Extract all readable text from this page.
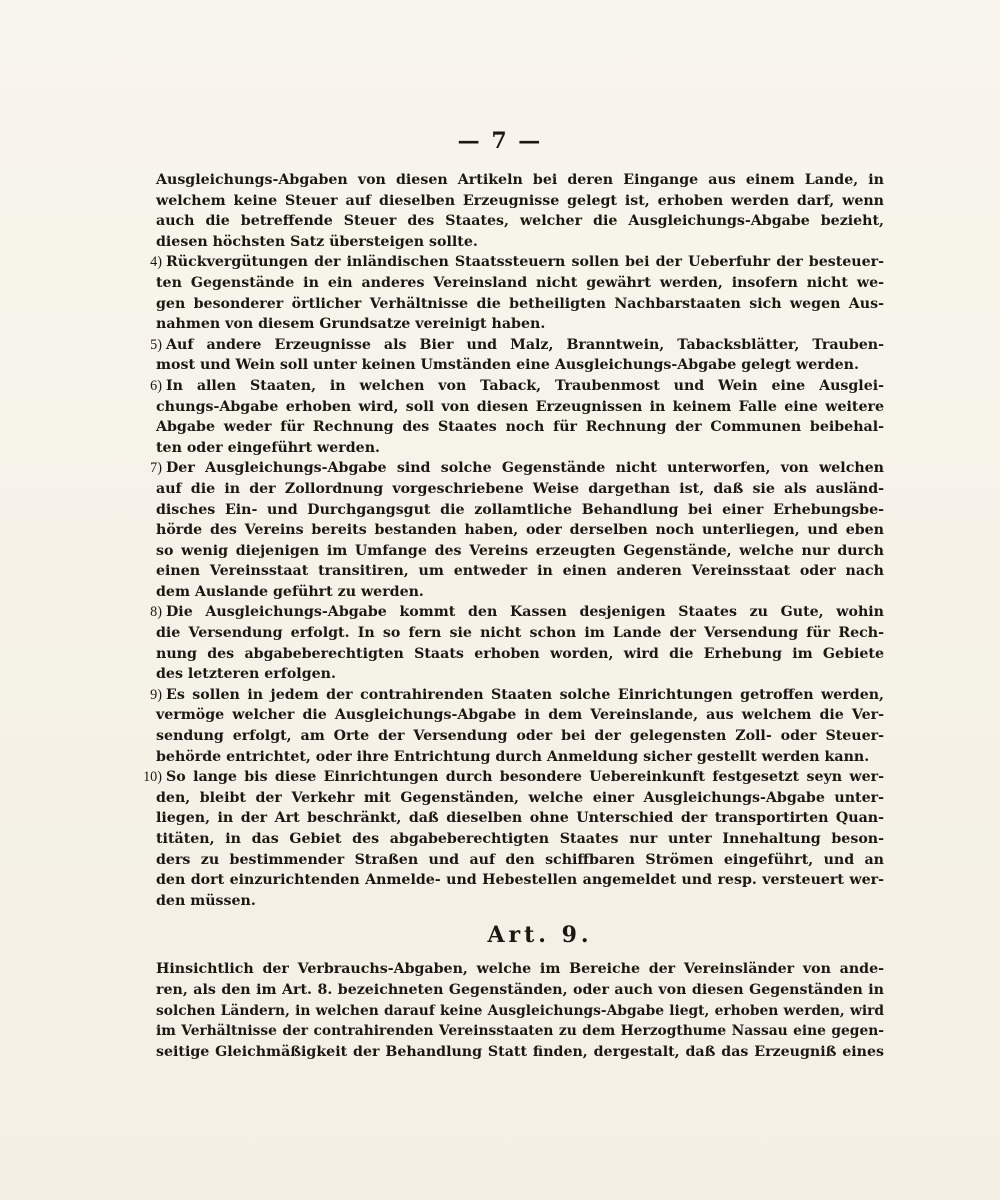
— 7 —
Ausgleichungs-Abgaben von diesen Artikeln bei deren Eingange aus einem Lande, in
welchem keine Steuer auf dieselben Erzeugnisse gelegt ist, erhoben werden darf, wenn
auch die betreffende Steuer des Staates, welcher die Ausgleichungs-Abgabe bezieht,
diesen höchsten Satz übersteigen sollte.
4) Rückvergütungen der inländischen Staatssteuern sollen bei der Ueberfuhr der besteuer-
ten Gegenstände in ein anderes Vereinsland nicht gewährt werden, insofern nicht we-
gen besonderer örtlicher Verhältnisse die betheiligten Nachbarstaaten sich wegen Aus-
nahmen von diesem Grundsatze vereinigt haben.
5) Auf andere Erzeugnisse als Bier und Malz, Branntwein, Tabacksblätter, Trauben-
most und Wein soll unter keinen Umständen eine Ausgleichungs-Abgabe gelegt werden.
6) In allen Staaten, in welchen von Taback, Traubenmost und Wein eine Ausglei-
chungs-Abgabe erhoben wird, soll von diesen Erzeugnissen in keinem Falle eine weitere
Abgabe weder für Rechnung des Staates noch für Rechnung der Communen beibehal-
ten oder eingeführt werden.
7) Der Ausgleichungs-Abgabe sind solche Gegenstände nicht unterworfen, von welchen
auf die in der Zollordnung vorgeschriebene Weise dargethan ist, daß sie als ausländ-
disches Ein- und Durchgangsgut die zollamtliche Behandlung bei einer Erhebungsbe-
hörde des Vereins bereits bestanden haben, oder derselben noch unterliegen, und eben
so wenig diejenigen im Umfange des Vereins erzeugten Gegenstände, welche nur durch
einen Vereinsstaat transitiren, um entweder in einen anderen Vereinsstaat oder nach
dem Auslande geführt zu werden.
8) Die Ausgleichungs-Abgabe kommt den Kassen desjenigen Staates zu Gute, wohin
die Versendung erfolgt. In so fern sie nicht schon im Lande der Versendung für Rech-
nung des abgabeberechtigten Staats erhoben worden, wird die Erhebung im Gebiete
des letzteren erfolgen.
9) Es sollen in jedem der contrahirenden Staaten solche Einrichtungen getroffen werden,
vermöge welcher die Ausgleichungs-Abgabe in dem Vereinslande, aus welchem die Ver-
sendung erfolgt, am Orte der Versendung oder bei der gelegensten Zoll- oder Steuer-
behörde entrichtet, oder ihre Entrichtung durch Anmeldung sicher gestellt werden kann.
10) So lange bis diese Einrichtungen durch besondere Uebereinkunft festgesetzt seyn wer-
den, bleibt der Verkehr mit Gegenständen, welche einer Ausgleichungs-Abgabe unter-
liegen, in der Art beschränkt, daß dieselben ohne Unterschied der transportirten Quan-
titäten, in das Gebiet des abgabeberechtigten Staates nur unter Innehaltung beson-
ders zu bestimmender Straßen und auf den schiffbaren Strömen eingeführt, und an
den dort einzurichtenden Anmelde- und Hebestellen angemeldet und resp. versteuert wer-
den müssen.
Art. 9.
Hinsichtlich der Verbrauchs-Abgaben, welche im Bereiche der Vereinsländer von ande-
ren, als den im Art. 8. bezeichneten Gegenständen, oder auch von diesen Gegenständen in
solchen Ländern, in welchen darauf keine Ausgleichungs-Abgabe liegt, erhoben werden, wird
im Verhältnisse der contrahirenden Vereinsstaaten zu dem Herzogthume Nassau eine gegen-
seitige Gleichmäßigkeit der Behandlung Statt finden, dergestalt, daß das Erzeugniß eines
